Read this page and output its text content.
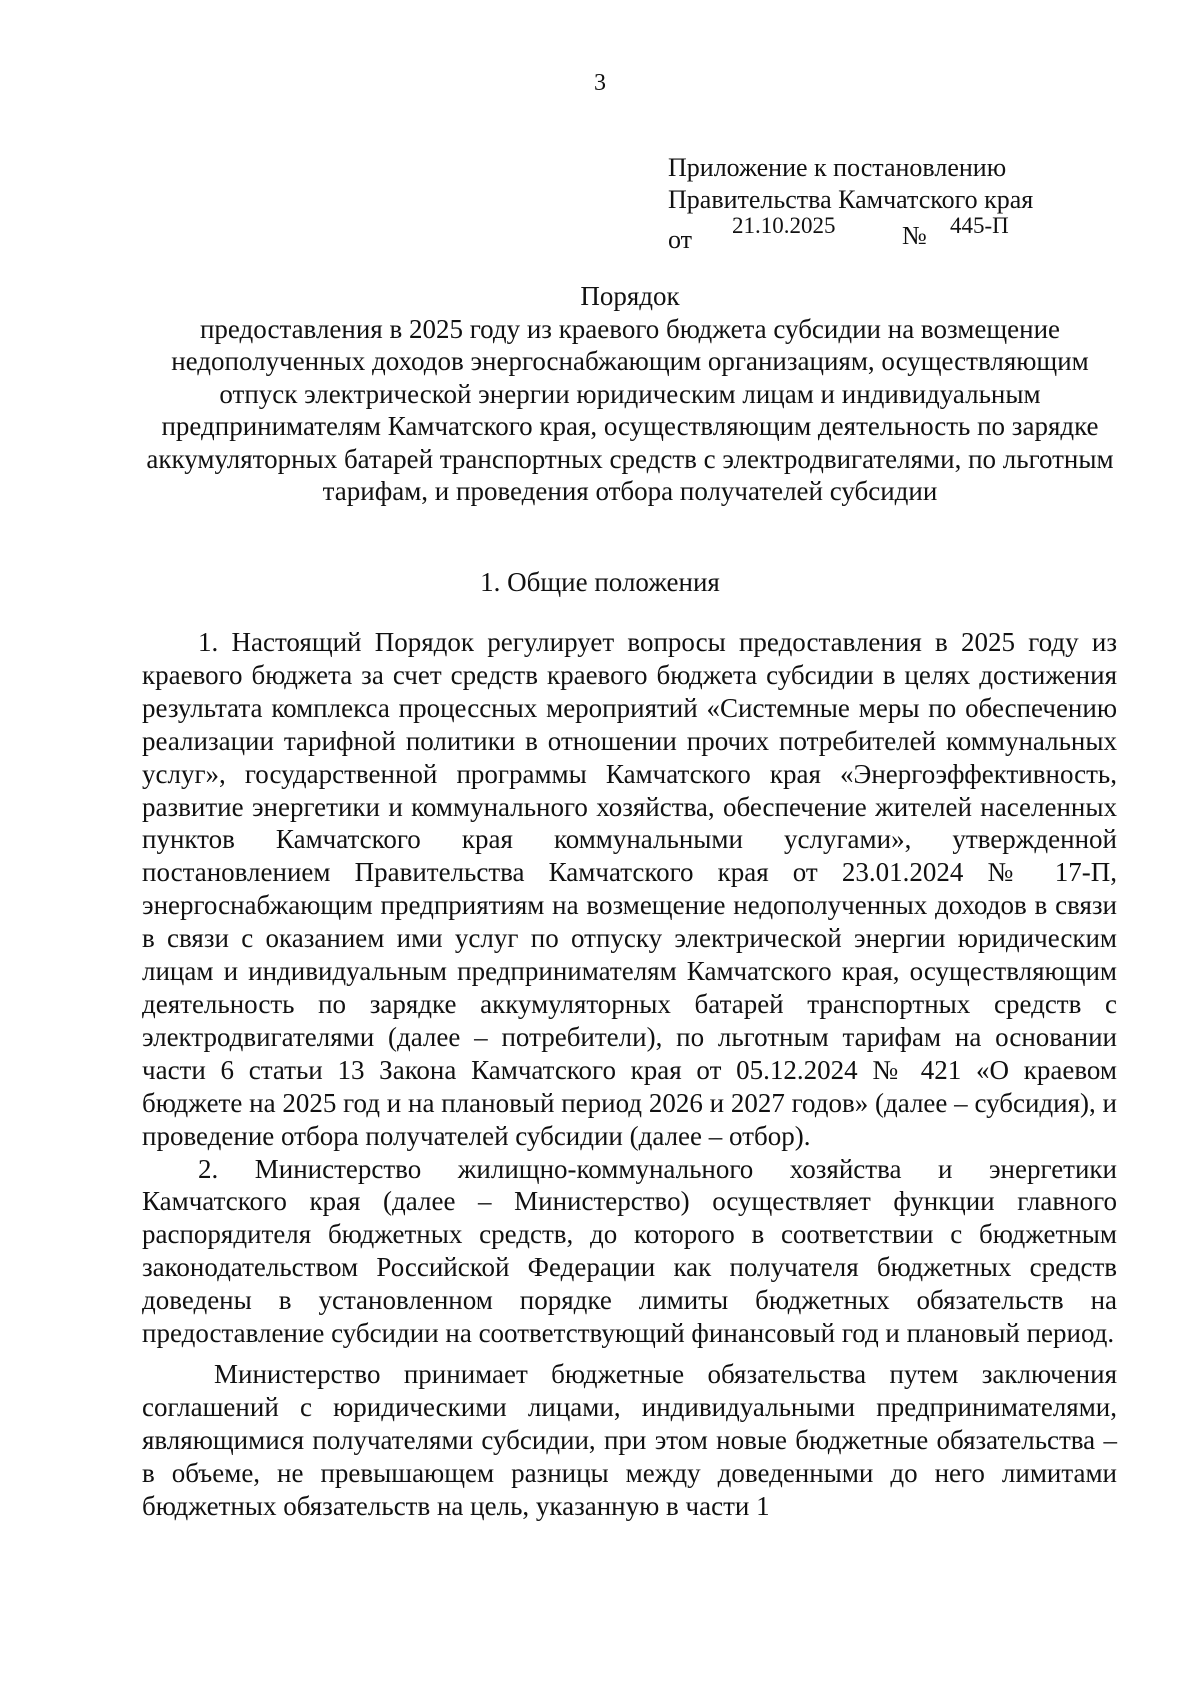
3
Приложение к постановлению
Правительства Камчатского края
от 21.10.2025	№ 445-П
Порядок
предоставления в 2025 году из краевого бюджета субсидии на возмещение недополученных доходов энергоснабжающим организациям, осуществляющим отпуск электрической энергии юридическим лицам и индивидуальным предпринимателям Камчатского края, осуществляющим деятельность по зарядке аккумуляторных батарей транспортных средств с электродвигателями, по льготным тарифам, и проведения отбора получателей субсидии
1. Общие положения

1. Настоящий Порядок регулирует вопросы предоставления в 2025 году из краевого бюджета за счет средств краевого бюджета субсидии в целях достижения результата комплекса процессных мероприятий «Системные меры по обеспечению реализации тарифной политики в отношении прочих потребителей коммунальных услуг», государственной программы Камчатского края «Энергоэффективность, развитие энергетики и коммунального хозяйства, обеспечение жителей населенных пунктов Камчатского края коммунальными услугами», утвержденной постановлением Правительства Камчатского края от 23.01.2024 № 17-П, энергоснабжающим предприятиям на возмещение недополученных доходов в связи в связи с оказанием ими услуг по отпуску электрической энергии юридическим лицам и индивидуальным предпринимателям Камчатского края, осуществляющим деятельность по зарядке аккумуляторных батарей транспортных средств с электродвигателями (далее – потребители), по льготным тарифам на основании части 6 статьи 13 Закона Камчатского края от 05.12.2024 № 421 «О краевом бюджете на 2025 год и на плановый период 2026 и 2027 годов» (далее – субсидия), и проведение отбора получателей субсидии (далее – отбор).

2. Министерство жилищно-коммунального хозяйства и энергетики Камчатского края (далее – Министерство) осуществляет функции главного распорядителя бюджетных средств, до которого в соответствии с бюджетным законодательством Российской Федерации как получателя бюджетных средств доведены в установленном порядке лимиты бюджетных обязательств на предоставление субсидии на соответствующий финансовый год и плановый период.

Министерство принимает бюджетные обязательства путем заключения соглашений с юридическими лицами, индивидуальными предпринимателями, являющимися получателями субсидии, при этом новые бюджетные обязательства – в объеме, не превышающем разницы между доведенными до него лимитами бюджетных обязательств на цель, указанную в части 1
